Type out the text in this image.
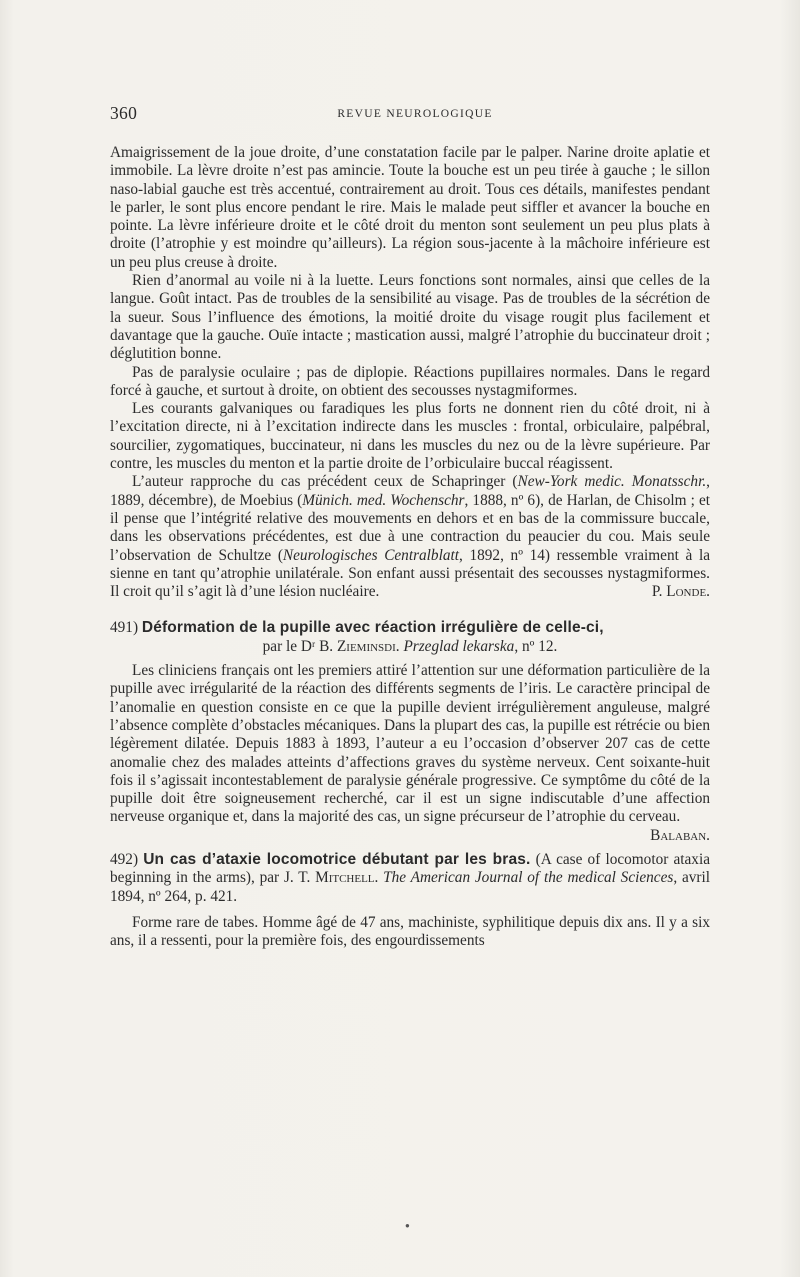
360	REVUE NEUROLOGIQUE

Amaigrissement de la joue droite, d’une constatation facile par le palper. Narine droite aplatie et immobile. La lèvre droite n’est pas amincie. Toute la bouche est un peu tirée à gauche ; le sillon naso-labial gauche est très accentué, contrairement au droit. Tous ces détails, manifestes pendant le parler, le sont plus encore pendant le rire. Mais le malade peut siffler et avancer la bouche en pointe. La lèvre inférieure droite et le côté droit du menton sont seulement un peu plus plats à droite (l’atrophie y est moindre qu’ailleurs). La région sous-jacente à la mâchoire inférieure est un peu plus creuse à droite.

Rien d’anormal au voile ni à la luette. Leurs fonctions sont normales, ainsi que celles de la langue. Goût intact. Pas de troubles de la sensibilité au visage. Pas de troubles de la sécrétion de la sueur. Sous l’influence des émotions, la moitié droite du visage rougit plus facilement et davantage que la gauche. Ouïe intacte ; mastication aussi, malgré l’atrophie du buccinateur droit ; déglutition bonne.

Pas de paralysie oculaire ; pas de diplopie. Réactions pupillaires normales. Dans le regard forcé à gauche, et surtout à droite, on obtient des secousses nystagmiformes.

Les courants galvaniques ou faradiques les plus forts ne donnent rien du côté droit, ni à l’excitation directe, ni à l’excitation indirecte dans les muscles : frontal, orbiculaire, palpébral, sourcilier, zygomatiques, buccinateur, ni dans les muscles du nez ou de la lèvre supérieure. Par contre, les muscles du menton et la partie droite de l’orbiculaire buccal réagissent.

L’auteur rapproche du cas précédent ceux de Schapringer (New-York medic. Monatsschr., 1889, décembre), de Moebius (Münich. med. Wochenschr, 1888, nº 6), de Harlan, de Chisolm ; et il pense que l’intégrité relative des mouvements en dehors et en bas de la commissure buccale, dans les observations précédentes, est due à une contraction du peaucier du cou. Mais seule l’observation de Schultze (Neurologisches Centralblatt, 1892, nº 14) ressemble vraiment à la sienne en tant qu’atrophie unilatérale. Son enfant aussi présentait des secousses nystagmiformes. Il croit qu’il s’agit là d’une lésion nucléaire.	P. Londe.

491) Déformation de la pupille avec réaction irrégulière de celle-ci,
par le Dʳ B. Zieminsdi. Przeglad lekarska, nº 12.

Les cliniciens français ont les premiers attiré l’attention sur une déformation particulière de la pupille avec irrégularité de la réaction des différents segments de l’iris. Le caractère principal de l’anomalie en question consiste en ce que la pupille devient irrégulièrement anguleuse, malgré l’absence complète d’obstacles mécaniques. Dans la plupart des cas, la pupille est rétrécie ou bien légèrement dilatée. Depuis 1883 à 1893, l’auteur a eu l’occasion d’observer 207 cas de cette anomalie chez des malades atteints d’affections graves du système nerveux. Cent soixante-huit fois il s’agissait incontestablement de paralysie générale progressive. Ce symptôme du côté de la pupille doit être soigneusement recherché, car il est un signe indiscutable d’une affection nerveuse organique et, dans la majorité des cas, un signe précurseur de l’atrophie du cerveau.

Balaban.

492) Un cas d’ataxie locomotrice débutant par les bras. (A case of locomotor ataxia beginning in the arms), par J. T. Mitchell. The American Journal of the medical Sciences, avril 1894, nº 264, p. 421.

Forme rare de tabes. Homme âgé de 47 ans, machiniste, syphilitique depuis dix ans. Il y a six ans, il a ressenti, pour la première fois, des engourdissements

●
